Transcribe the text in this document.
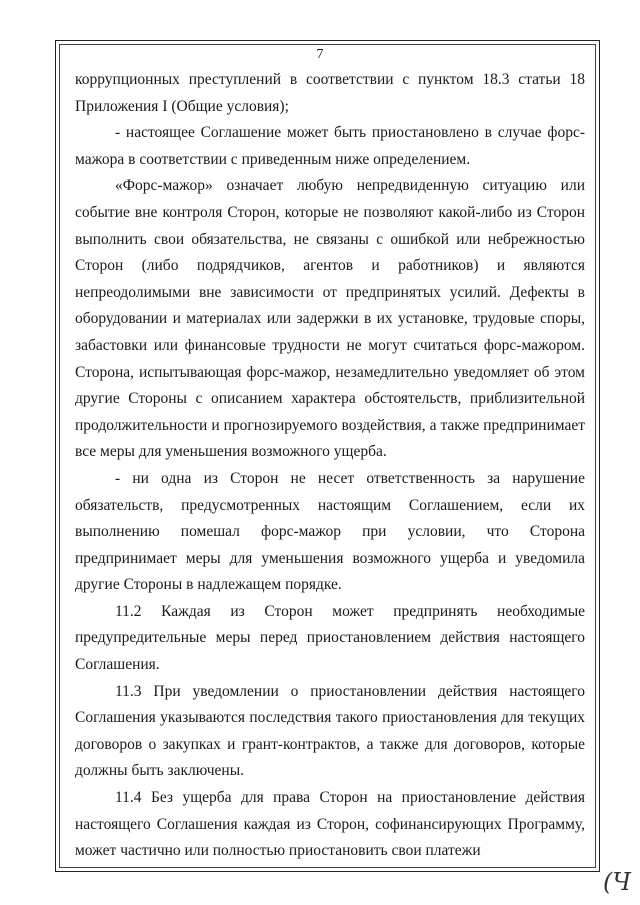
7

коррупционных преступлений в соответствии с пунктом 18.3 статьи 18 Приложения I (Общие условия);

- настоящее Соглашение может быть приостановлено в случае форс-мажора в соответствии с приведенным ниже определением.

«Форс-мажор» означает любую непредвиденную ситуацию или событие вне контроля Сторон, которые не позволяют какой-либо из Сторон выполнить свои обязательства, не связаны с ошибкой или небрежностью Сторон (либо подрядчиков, агентов и работников) и являются непреодолимыми вне зависимости от предпринятых усилий. Дефекты в оборудовании и материалах или задержки в их установке, трудовые споры, забастовки или финансовые трудности не могут считаться форс-мажором. Сторона, испытывающая форс-мажор, незамедлительно уведомляет об этом другие Стороны с описанием характера обстоятельств, приблизительной продолжительности и прогнозируемого воздействия, а также предпринимает все меры для уменьшения возможного ущерба.

- ни одна из Сторон не несет ответственность за нарушение обязательств, предусмотренных настоящим Соглашением, если их выполнению помешал форс-мажор при условии, что Сторона предпринимает меры для уменьшения возможного ущерба и уведомила другие Стороны в надлежащем порядке.

11.2 Каждая из Сторон может предпринять необходимые предупредительные меры перед приостановлением действия настоящего Соглашения.

11.3 При уведомлении о приостановлении действия настоящего Соглашения указываются последствия такого приостановления для текущих договоров о закупках и грант-контрактов, а также для договоров, которые должны быть заключены.

11.4 Без ущерба для права Сторон на приостановление действия настоящего Соглашения каждая из Сторон, софинансирующих Программу, может частично или полностью приостановить свои платежи

(Ч
